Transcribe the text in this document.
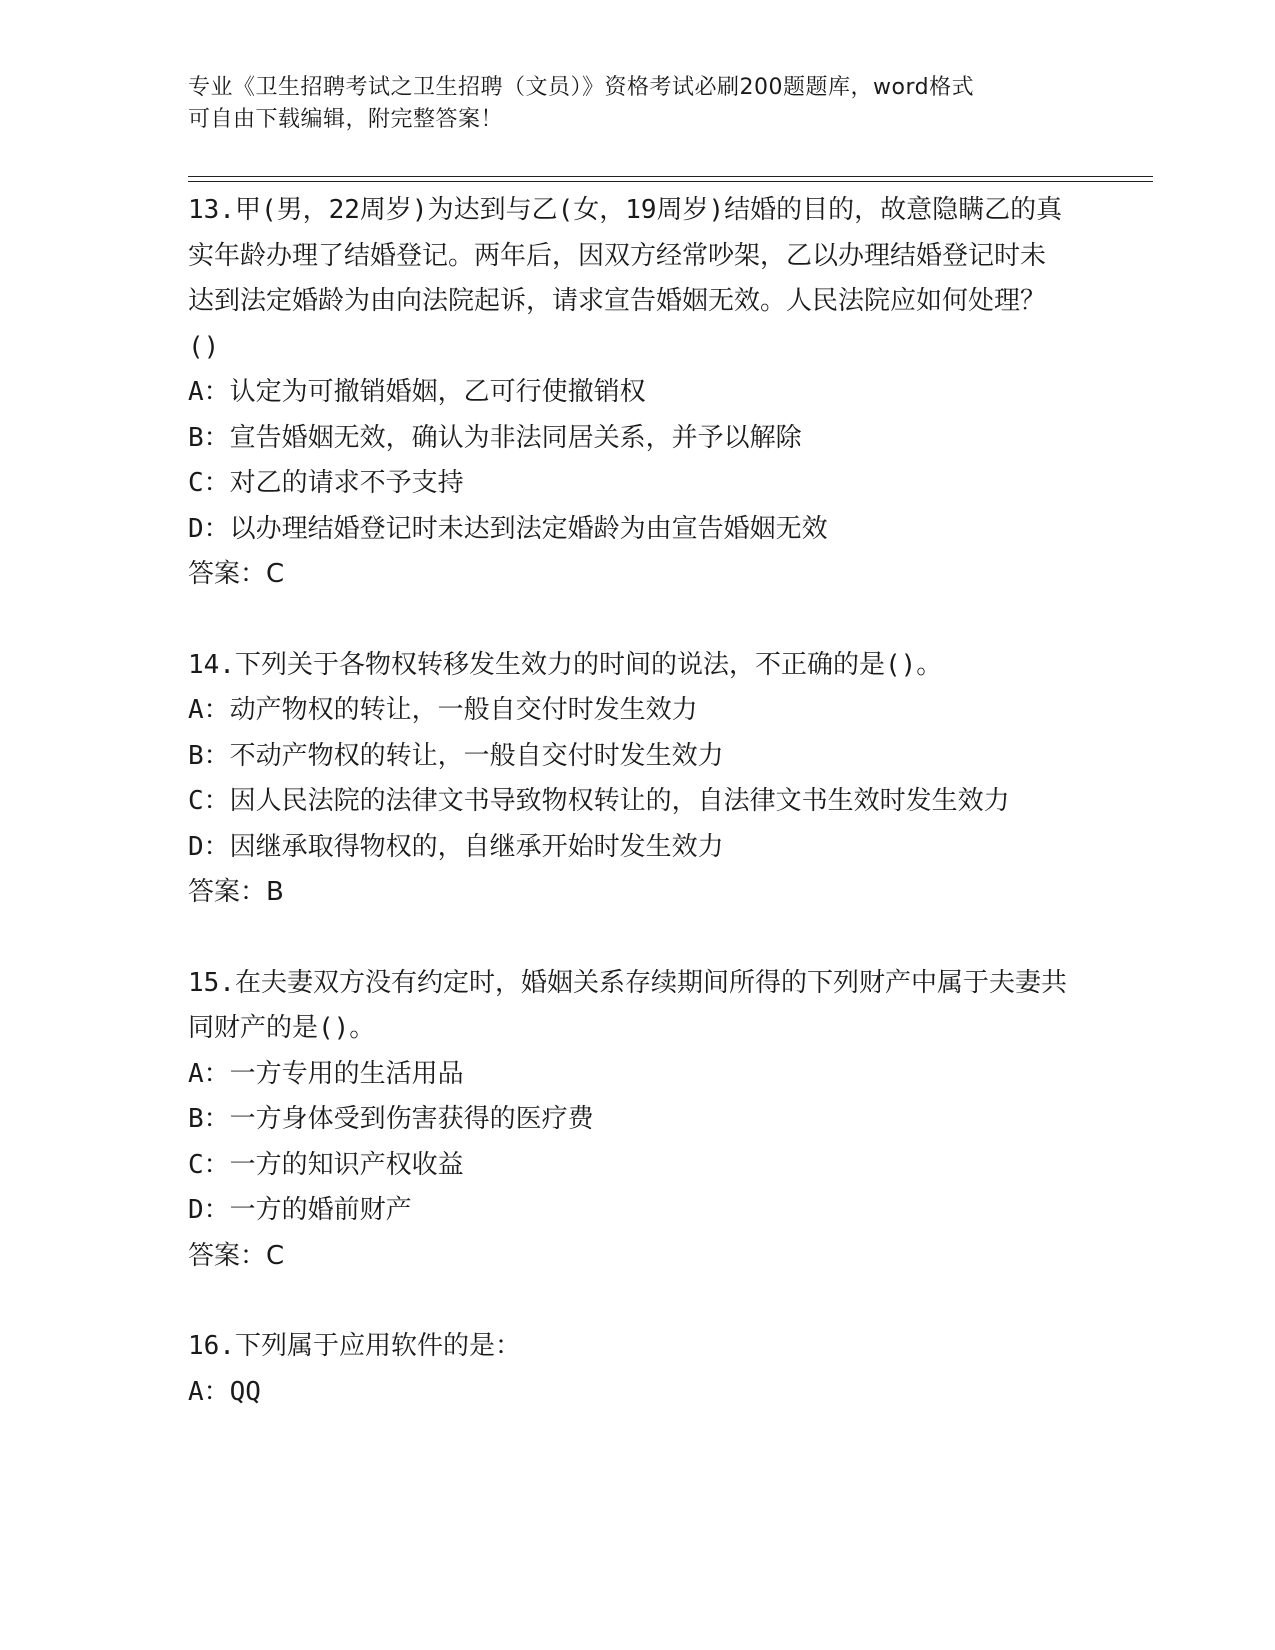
专业《卫生招聘考试之卫生招聘（文员）》资格考试必刷200题题库，word格式

可自由下载编辑，附完整答案！

13.甲(男，22周岁)为达到与乙(女，19周岁)结婚的目的，故意隐瞒乙的真实年龄办理了结婚登记。两年后，因双方经常吵架，乙以办理结婚登记时未达到法定婚龄为由向法院起诉，请求宣告婚姻无效。人民法院应如何处理？()

A：认定为可撤销婚姻，乙可行使撤销权
B：宣告婚姻无效，确认为非法同居关系，并予以解除
C：对乙的请求不予支持
D：以办理结婚登记时未达到法定婚龄为由宣告婚姻无效

答案：C

14.下列关于各物权转移发生效力的时间的说法，不正确的是()。

A：动产物权的转让，一般自交付时发生效力
B：不动产物权的转让，一般自交付时发生效力
C：因人民法院的法律文书导致物权转让的，自法律文书生效时发生效力
D：因继承取得物权的，自继承开始时发生效力

答案：B

15.在夫妻双方没有约定时，婚姻关系存续期间所得的下列财产中属于夫妻共同财产的是()。

A：一方专用的生活用品
B：一方身体受到伤害获得的医疗费
C：一方的知识产权收益
D：一方的婚前财产

答案：C

16.下列属于应用软件的是：

A：QQ
